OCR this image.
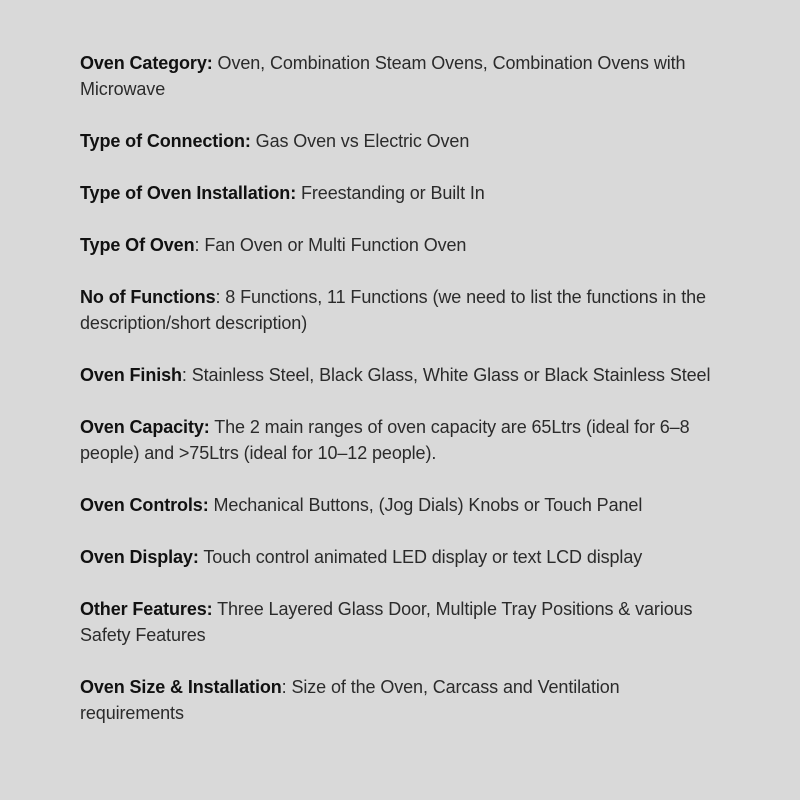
Oven Category: Oven, Combination Steam Ovens, Combination Ovens with Microwave

Type of Connection: Gas Oven vs Electric Oven

Type of Oven Installation: Freestanding or Built In

Type Of Oven: Fan Oven or Multi Function Oven

No of Functions: 8 Functions, 11 Functions (we need to list the functions in the description/short description)

Oven Finish: Stainless Steel, Black Glass, White Glass or Black Stainless Steel

Oven Capacity: The 2 main ranges of oven capacity are 65Ltrs (ideal for 6–8 people) and >75Ltrs (ideal for 10–12 people).

Oven Controls: Mechanical Buttons, (Jog Dials) Knobs or Touch Panel

Oven Display: Touch control animated LED display or text LCD display

Other Features: Three Layered Glass Door, Multiple Tray Positions & various Safety Features

Oven Size & Installation: Size of the Oven, Carcass and Ventilation requirements
